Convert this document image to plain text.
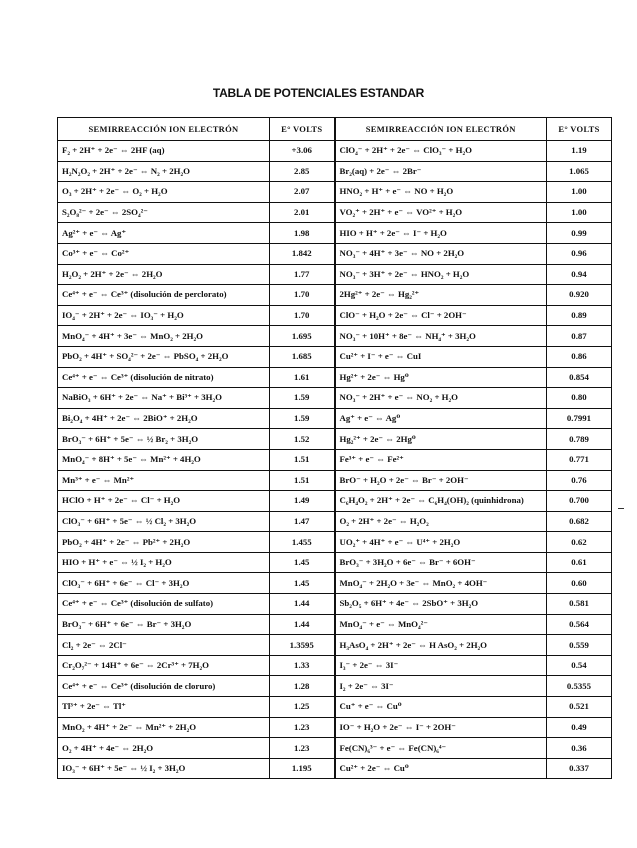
TABLA DE POTENCIALES ESTANDAR
SEMIRREACCIÓN ION ELECTRÓN	E° VOLTS	SEMIRREACCIÓN ION ELECTRÓN	E° VOLTS
F₂ + 2H⁺ + 2e⁻ ⇔ 2HF (aq)	+3.06	ClO₄⁻ + 2H⁺ + 2e⁻ ⇔ ClO₃⁻ + H₂O	1.19
H₂N₂O₂ + 2H⁺ + 2e⁻ ⇔ N₂ + 2H₂O	2.85	Br₂(aq) + 2e⁻ ⇔ 2Br⁻	1.065
O₃ + 2H⁺ + 2e⁻ ⇔ O₂ + H₂O	2.07	HNO₂ + H⁺ + e⁻ ⇔ NO + H₂O	1.00
S₂O₈²⁻ + 2e⁻ ⇔ 2SO₄²⁻	2.01	VO₂⁺ + 2H⁺ + e⁻ ⇔ VO²⁺ + H₂O	1.00
Ag²⁺ + e⁻ ⇔ Ag⁺	1.98	HIO + H⁺ + 2e⁻ ⇔ I⁻ + H₂O	0.99
Co³⁺ + e⁻ ⇔ Co²⁺	1.842	NO₃⁻ + 4H⁺ + 3e⁻ ⇔ NO + 2H₂O	0.96
H₂O₂ + 2H⁺ + 2e⁻ ⇔ 2H₂O	1.77	NO₃⁻ + 3H⁺ + 2e⁻ ⇔ HNO₂ + H₂O	0.94
Ce⁴⁺ + e⁻ ⇔ Ce³⁺ (disolución de perclorato)	1.70	2Hg²⁺ + 2e⁻ ⇔ Hg₂²⁺	0.920
IO₄⁻ + 2H⁺ + 2e⁻ ⇔ IO₃⁻ + H₂O	1.70	ClO⁻ + H₂O + 2e⁻ ⇔ Cl⁻ + 2OH⁻	0.89
MnO₄⁻ + 4H⁺ + 3e⁻ ⇔ MnO₂ + 2H₂O	1.695	NO₃⁻ + 10H⁺ + 8e⁻ ⇔ NH₄⁺ + 3H₂O	0.87
PbO₂ + 4H⁺ + SO₄²⁻ + 2e⁻ ⇔ PbSO₄ + 2H₂O	1.685	Cu²⁺ + I⁻ + e⁻ ⇔ CuI	0.86
Ce⁴⁺ + e⁻ ⇔ Ce³⁺ (disolución de nitrato)	1.61	Hg²⁺ + 2e⁻ ⇔ Hg⁰	0.854
NaBiO₃ + 6H⁺ + 2e⁻ ⇔ Na⁺ + Bi³⁺ + 3H₂O	1.59	NO₃⁻ + 2H⁺ + e⁻ ⇔ NO₂ + H₂O	0.80
Bi₂O₄ + 4H⁺ + 2e⁻ ⇔ 2BiO⁺ + 2H₂O	1.59	Ag⁺ + e⁻ ⇔ Ag⁰	0.7991
BrO₃⁻ + 6H⁺ + 5e⁻ ⇔ ½ Br₂ + 3H₂O	1.52	Hg₂²⁺ + 2e⁻ ⇔ 2Hg⁰	0.789
MnO₄⁻ + 8H⁺ + 5e⁻ ⇔ Mn²⁺ + 4H₂O	1.51	Fe³⁺ + e⁻ ⇔ Fe²⁺	0.771
Mn³⁺ + e⁻ ⇔ Mn²⁺	1.51	BrO⁻ + H₂O + 2e⁻ ⇔ Br⁻ + 2OH⁻	0.76
HClO + H⁺ + 2e⁻ ⇔ Cl⁻ + H₂O	1.49	C₆H₄O₂ + 2H⁺ + 2e⁻ ⇔ C₆H₄(OH)₂ (quinhidrona)	0.700
ClO₃⁻ + 6H⁺ + 5e⁻ ⇔ ½ Cl₂ + 3H₂O	1.47	O₂ + 2H⁺ + 2e⁻ ⇔ H₂O₂	0.682
PbO₂ + 4H⁺ + 2e⁻ ⇔ Pb²⁺ + 2H₂O	1.455	UO₂⁺ + 4H⁺ + e⁻ ⇔ U⁴⁺ + 2H₂O	0.62
HIO + H⁺ + e⁻ ⇔ ½ I₂ + H₂O	1.45	BrO₃⁻ + 3H₂O + 6e⁻ ⇔ Br⁻ + 6OH⁻	0.61
ClO₃⁻ + 6H⁺ + 6e⁻ ⇔ Cl⁻ + 3H₂O	1.45	MnO₄⁻ + 2H₂O + 3e⁻ ⇔ MnO₂ + 4OH⁻	0.60
Ce⁴⁺ + e⁻ ⇔ Ce³⁺ (disolución de sulfato)	1.44	Sb₂O₅ + 6H⁺ + 4e⁻ ⇔ 2SbO⁺ + 3H₂O	0.581
BrO₃⁻ + 6H⁺ + 6e⁻ ⇔ Br⁻ + 3H₂O	1.44	MnO₄⁻ + e⁻ ⇔ MnO₄²⁻	0.564
Cl₂ + 2e⁻ ⇔ 2Cl⁻	1.3595	H₃AsO₄ + 2H⁺ + 2e⁻ ⇔ H AsO₂ + 2H₂O	0.559
Cr₂O₇²⁻ + 14H⁺ + 6e⁻ ⇔ 2Cr³⁺ + 7H₂O	1.33	I₃⁻ + 2e⁻ ⇔ 3I⁻	0.54
Ce⁴⁺ + e⁻ ⇔ Ce³⁺ (disolución de cloruro)	1.28	I₂ + 2e⁻ ⇔ 3I⁻	0.5355
Tl³⁺ + 2e⁻ ⇔ Tl⁺	1.25	Cu⁺ + e⁻ ⇔ Cu⁰	0.521
MnO₂ + 4H⁺ + 2e⁻ ⇔ Mn²⁺ + 2H₂O	1.23	IO⁻ + H₂O + 2e⁻ ⇔ I⁻ + 2OH⁻	0.49
O₂ + 4H⁺ + 4e⁻ ⇔ 2H₂O	1.23	Fe(CN)₆³⁻ + e⁻ ⇔ Fe(CN)₆⁴⁻	0.36
IO₃⁻ + 6H⁺ + 5e⁻ ⇔ ½ I₂ + 3H₂O	1.195	Cu²⁺ + 2e⁻ ⇔ Cu⁰	0.337
